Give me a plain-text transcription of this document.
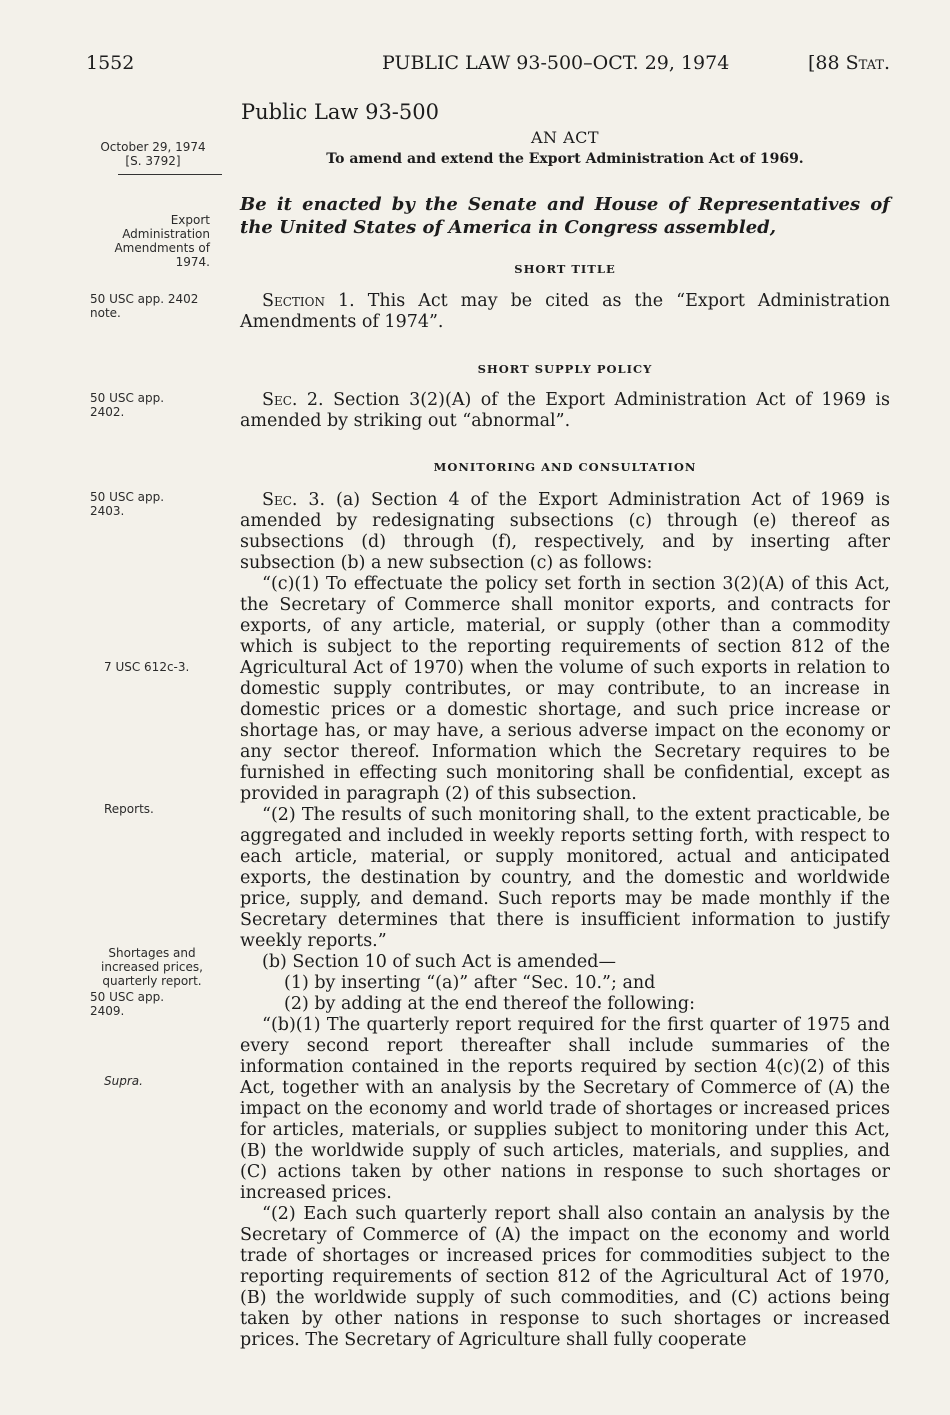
1552	PUBLIC LAW 93-500–OCT. 29, 1974	[88 Stat.
October 29, 1974
[S. 3792]
Export Administration Amendments of 1974.
50 USC app. 2402 note.
50 USC app. 2402.
50 USC app. 2403.
7 USC 612c-3.
Reports.
Shortages and increased prices, quarterly report.
50 USC app. 2409.
Supra.
Public Law 93-500
AN ACT
To amend and extend the Export Administration Act of 1969.
Be it enacted by the Senate and House of Representatives of the United States of America in Congress assembled,
SHORT TITLE

Section 1. This Act may be cited as the “Export Administration Amendments of 1974”.

SHORT SUPPLY POLICY

Sec. 2. Section 3(2)(A) of the Export Administration Act of 1969 is amended by striking out “abnormal”.

MONITORING AND CONSULTATION

Sec. 3. (a) Section 4 of the Export Administration Act of 1969 is amended by redesignating subsections (c) through (e) thereof as subsections (d) through (f), respectively, and by inserting after subsection (b) a new subsection (c) as follows:

“(c)(1) To effectuate the policy set forth in section 3(2)(A) of this Act, the Secretary of Commerce shall monitor exports, and contracts for exports, of any article, material, or supply (other than a commodity which is subject to the reporting requirements of section 812 of the Agricultural Act of 1970) when the volume of such exports in relation to domestic supply contributes, or may contribute, to an increase in domestic prices or a domestic shortage, and such price increase or shortage has, or may have, a serious adverse impact on the economy or any sector thereof. Information which the Secretary requires to be furnished in effecting such monitoring shall be confidential, except as provided in paragraph (2) of this subsection.

“(2) The results of such monitoring shall, to the extent practicable, be aggregated and included in weekly reports setting forth, with respect to each article, material, or supply monitored, actual and anticipated exports, the destination by country, and the domestic and worldwide price, supply, and demand. Such reports may be made monthly if the Secretary determines that there is insufficient information to justify weekly reports.”

(b) Section 10 of such Act is amended—

(1) by inserting “(a)” after “Sec. 10.”; and

(2) by adding at the end thereof the following:

“(b)(1) The quarterly report required for the first quarter of 1975 and every second report thereafter shall include summaries of the information contained in the reports required by section 4(c)(2) of this Act, together with an analysis by the Secretary of Commerce of (A) the impact on the economy and world trade of shortages or increased prices for articles, materials, or supplies subject to monitoring under this Act, (B) the worldwide supply of such articles, materials, and supplies, and (C) actions taken by other nations in response to such shortages or increased prices.

“(2) Each such quarterly report shall also contain an analysis by the Secretary of Commerce of (A) the impact on the economy and world trade of shortages or increased prices for commodities subject to the reporting requirements of section 812 of the Agricultural Act of 1970, (B) the worldwide supply of such commodities, and (C) actions being taken by other nations in response to such shortages or increased prices. The Secretary of Agriculture shall fully cooperate
